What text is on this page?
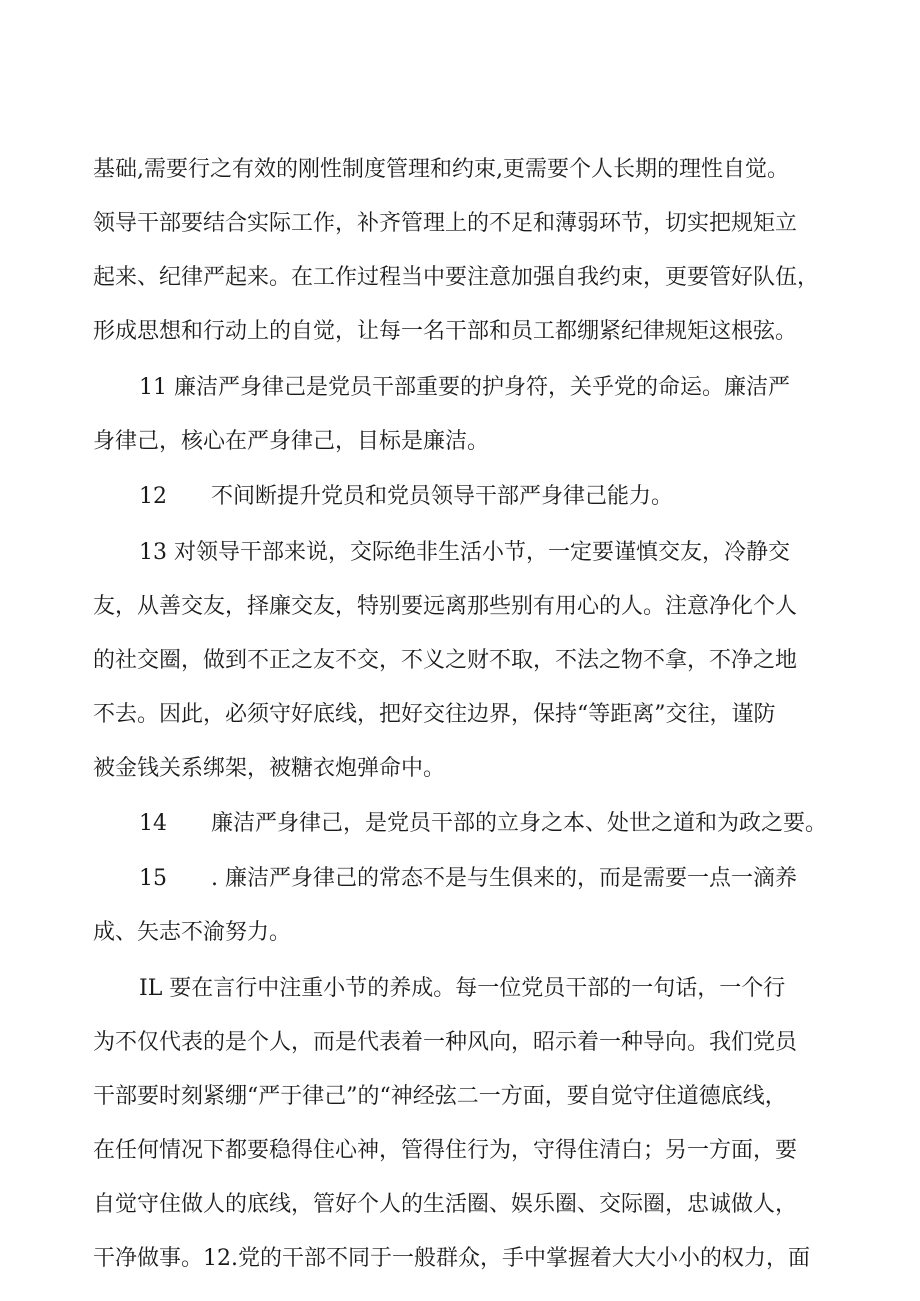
基础,需要行之有效的刚性制度管理和约束,更需要个人长期的理性自觉。

领导干部要结合实际工作，补齐管理上的不足和薄弱环节，切实把规矩立

起来、纪律严起来。在工作过程当中要注意加强自我约束，更要管好队伍，

形成思想和行动上的自觉，让每一名干部和员工都绷紧纪律规矩这根弦。

11 廉洁严身律己是党员干部重要的护身符，关乎党的命运。廉洁严

身律己，核心在严身律己，目标是廉洁。

12　　不间断提升党员和党员领导干部严身律己能力。

13 对领导干部来说，交际绝非生活小节，一定要谨慎交友，冷静交

友，从善交友，择廉交友，特别要远离那些别有用心的人。注意净化个人

的社交圈，做到不正之友不交，不义之财不取，不法之物不拿，不净之地

不去。因此，必须守好底线，把好交往边界，保持“等距离”交往，谨防

被金钱关系绑架，被糖衣炮弹命中。

14　　廉洁严身律己，是党员干部的立身之本、处世之道和为政之要。

15　　. 廉洁严身律己的常态不是与生俱来的，而是需要一点一滴养

成、矢志不渝努力。

IL 要在言行中注重小节的养成。每一位党员干部的一句话，一个行

为不仅代表的是个人，而是代表着一种风向，昭示着一种导向。我们党员

干部要时刻紧绷“严于律己”的“神经弦二一方面，要自觉守住道德底线，

在任何情况下都要稳得住心神，管得住行为，守得住清白；另一方面，要

自觉守住做人的底线，管好个人的生活圈、娱乐圈、交际圈，忠诚做人，

干净做事。12.党的干部不同于一般群众，手中掌握着大大小小的权力，面
